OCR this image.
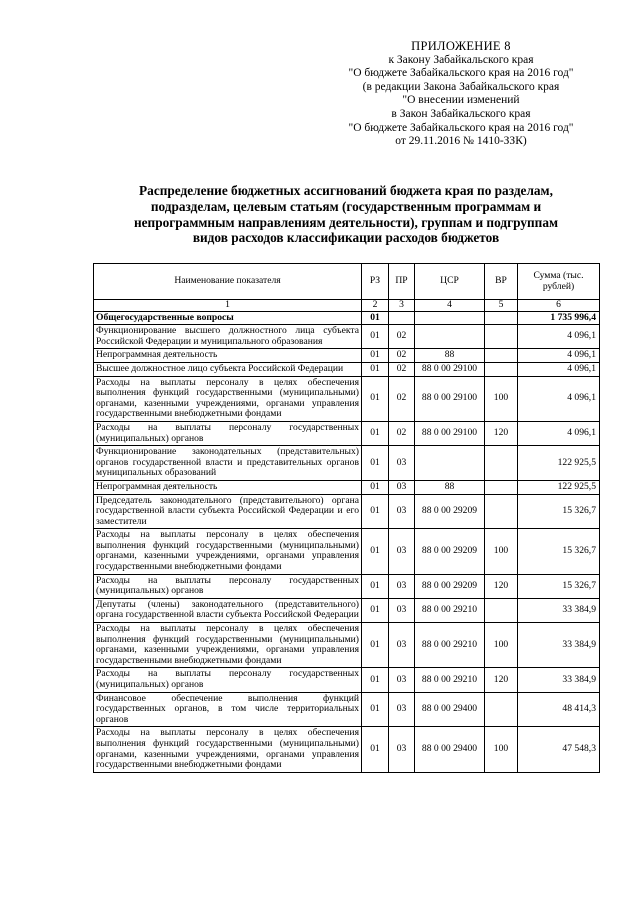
ПРИЛОЖЕНИЕ 8
к Закону Забайкальского края
"О бюджете Забайкальского края на 2016 год"
(в редакции Закона Забайкальского края
"О внесении изменений
в Закон Забайкальского края
"О бюджете Забайкальского края на 2016 год"
от 29.11.2016 № 1410-ЗЗК)
Распределение бюджетных ассигнований бюджета края по разделам,
подразделам, целевым статьям (государственным программам и
непрограммным направлениям деятельности), группам и подгруппам
видов расходов классификации расходов бюджетов
Наименование показателя	РЗ	ПР	ЦСР	ВР	Сумма (тыс. рублей)
1	2	3	4	5	6
Общегосударственные вопросы	01				1 735 996,4
Функционирование высшего должностного лица субъекта Российской Федерации и муниципального образования	01	02			4 096,1
Непрограммная деятельность	01	02	88		4 096,1
Высшее должностное лицо субъекта Российской Федерации	01	02	88 0 00 29100		4 096,1
Расходы на выплаты персоналу в целях обеспечения выполнения функций государственными (муниципальными) органами, казенными учреждениями, органами управления государственными внебюджетными фондами	01	02	88 0 00 29100	100	4 096,1
Расходы на выплаты персоналу государственных (муниципальных) органов	01	02	88 0 00 29100	120	4 096,1
Функционирование законодательных (представительных) органов государственной власти и представительных органов муниципальных образований	01	03			122 925,5
Непрограммная деятельность	01	03	88		122 925,5
Председатель законодательного (представительного) органа государственной власти субъекта Российской Федерации и его заместители	01	03	88 0 00 29209		15 326,7
Расходы на выплаты персоналу в целях обеспечения выполнения функций государственными (муниципальными) органами, казенными учреждениями, органами управления государственными внебюджетными фондами	01	03	88 0 00 29209	100	15 326,7
Расходы на выплаты персоналу государственных (муниципальных) органов	01	03	88 0 00 29209	120	15 326,7
Депутаты (члены) законодательного (представительного) органа государственной власти субъекта Российской Федерации	01	03	88 0 00 29210		33 384,9
Расходы на выплаты персоналу в целях обеспечения выполнения функций государственными (муниципальными) органами, казенными учреждениями, органами управления государственными внебюджетными фондами	01	03	88 0 00 29210	100	33 384,9
Расходы на выплаты персоналу государственных (муниципальных) органов	01	03	88 0 00 29210	120	33 384,9
Финансовое обеспечение выполнения функций государственных органов, в том числе территориальных органов	01	03	88 0 00 29400		48 414,3
Расходы на выплаты персоналу в целях обеспечения выполнения функций государственными (муниципальными) органами, казенными учреждениями, органами управления государственными внебюджетными фондами	01	03	88 0 00 29400	100	47 548,3
